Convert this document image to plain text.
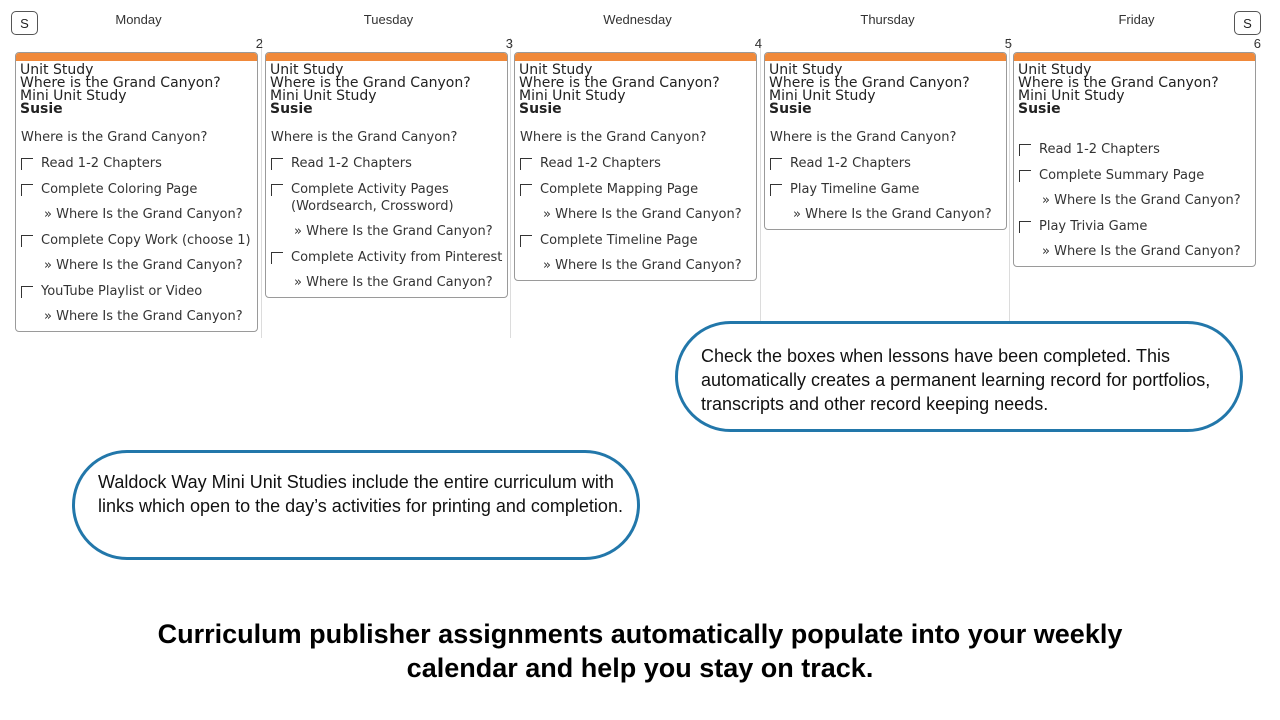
S	S
Monday
2
Unit Study
Where is the Grand Canyon? Mini Unit Study
Susie
Where is the Grand Canyon?
Read 1-2 Chapters
Complete Coloring Page
» Where Is the Grand Canyon?
Complete Copy Work (choose 1)
» Where Is the Grand Canyon?
YouTube Playlist or Video
» Where Is the Grand Canyon?
Tuesday
3
Unit Study
Where is the Grand Canyon? Mini Unit Study
Susie
Where is the Grand Canyon?
Read 1-2 Chapters
Complete Activity Pages (Wordsearch, Crossword)
» Where Is the Grand Canyon?
Complete Activity from Pinterest
» Where Is the Grand Canyon?
Wednesday
4
Unit Study
Where is the Grand Canyon? Mini Unit Study
Susie
Where is the Grand Canyon?
Read 1-2 Chapters
Complete Mapping Page
» Where Is the Grand Canyon?
Complete Timeline Page
» Where Is the Grand Canyon?
Thursday
5
Unit Study
Where is the Grand Canyon? Mini Unit Study
Susie
Where is the Grand Canyon?
Read 1-2 Chapters
Play Timeline Game
» Where Is the Grand Canyon?
Friday
6
Unit Study
Where is the Grand Canyon? Mini Unit Study
Susie
Read 1-2 Chapters
Complete Summary Page
» Where Is the Grand Canyon?
Play Trivia Game
» Where Is the Grand Canyon?
Check the boxes when lessons have been completed. This automatically creates a permanent learning record for portfolios, transcripts and other record keeping needs.
Waldock Way Mini Unit Studies include the entire curriculum with links which open to the day’s activities for printing and completion.
Curriculum publisher assignments automatically populate into your weekly
calendar and help you stay on track.
